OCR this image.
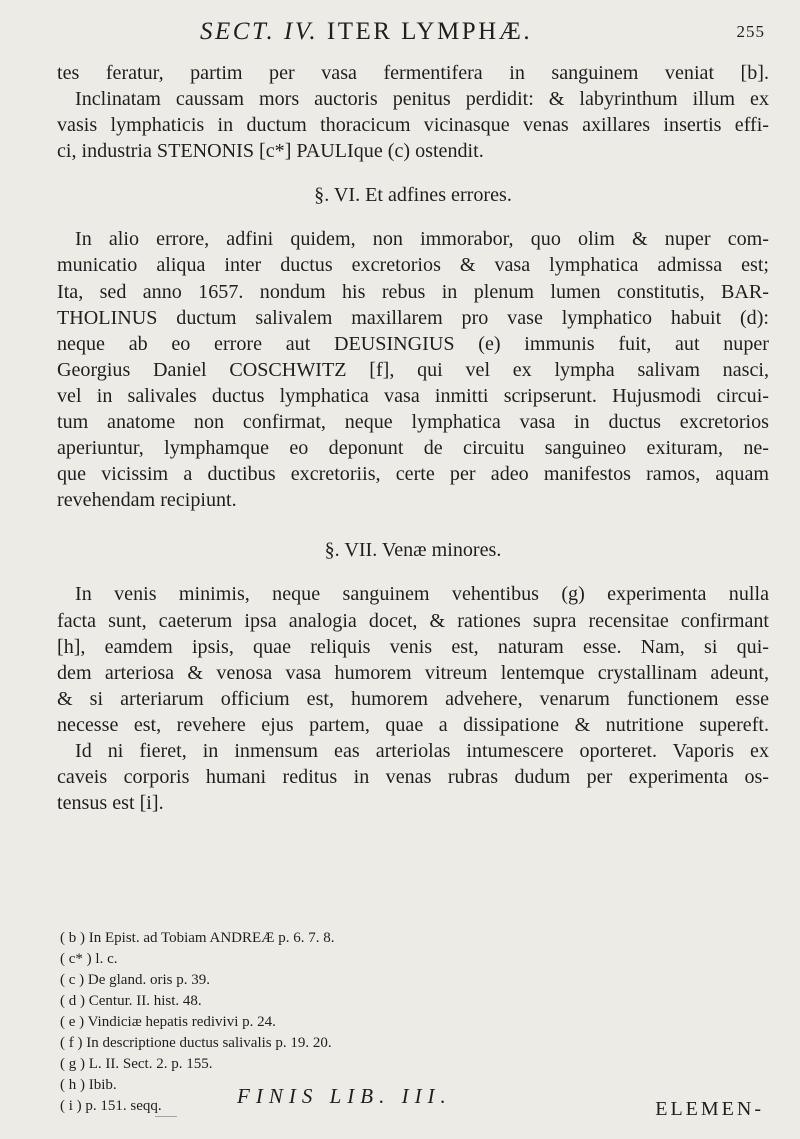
SECT. IV. ITER LYMPHÆ.	255
tes feratur, partim per vasa fermentifera in sanguinem veniat [b].
Inclinatam caussam mors auctoris penitus perdidit: & labyrinthum illum ex
vasis lymphaticis in ductum thoracicum vicinasque venas axillares insertis effi-
ci, industria STENONIS [c*] PAULIque (c) ostendit.
§. VI. Et adfines errores.
In alio errore, adfini quidem, non immorabor, quo olim & nuper com-
municatio aliqua inter ductus excretorios & vasa lymphatica admissa est;
Ita, sed anno 1657. nondum his rebus in plenum lumen constitutis, BAR-
THOLINUS ductum salivalem maxillarem pro vase lymphatico habuit (d):
neque ab eo errore aut DEUSINGIUS (e) immunis fuit, aut nuper
Georgius Daniel COSCHWITZ [f], qui vel ex lympha salivam nasci,
vel in salivales ductus lymphatica vasa inmitti scripserunt. Hujusmodi circui-
tum anatome non confirmat, neque lymphatica vasa in ductus excretorios
aperiuntur, lymphamque eo deponunt de circuitu sanguineo exituram, ne-
que vicissim a ductibus excretoriis, certe per adeo manifestos ramos, aquam
revehendam recipiunt.
§. VII. Venæ minores.
In venis minimis, neque sanguinem vehentibus (g) experimenta nulla
facta sunt, caeterum ipsa analogia docet, & rationes supra recensitae confirmant
[h], eamdem ipsis, quae reliquis venis est, naturam esse. Nam, si qui-
dem arteriosa & venosa vasa humorem vitreum lentemque crystallinam adeunt,
& si arteriarum officium est, humorem advehere, venarum functionem esse
necesse est, revehere ejus partem, quae a dissipatione & nutritione supereft.
Id ni fieret, in inmensum eas arteriolas intumescere oporteret. Vaporis ex
caveis corporis humani reditus in venas rubras dudum per experimenta os-
tensus est [i].
( b ) In Epist. ad Tobiam ANDREÆ p. 6. 7. 8.
( c* ) l. c.
( c ) De gland. oris p. 39.
( d ) Centur. II. hist. 48.
( e ) Vindiciæ hepatis redivivi p. 24.
( f ) In descriptione ductus salivalis p. 19. 20.
( g ) L. II. Sect. 2. p. 155.
( h ) Ibib.
( i ) p. 151. seqq.	FINIS LIB. III.
ELEMEN-
